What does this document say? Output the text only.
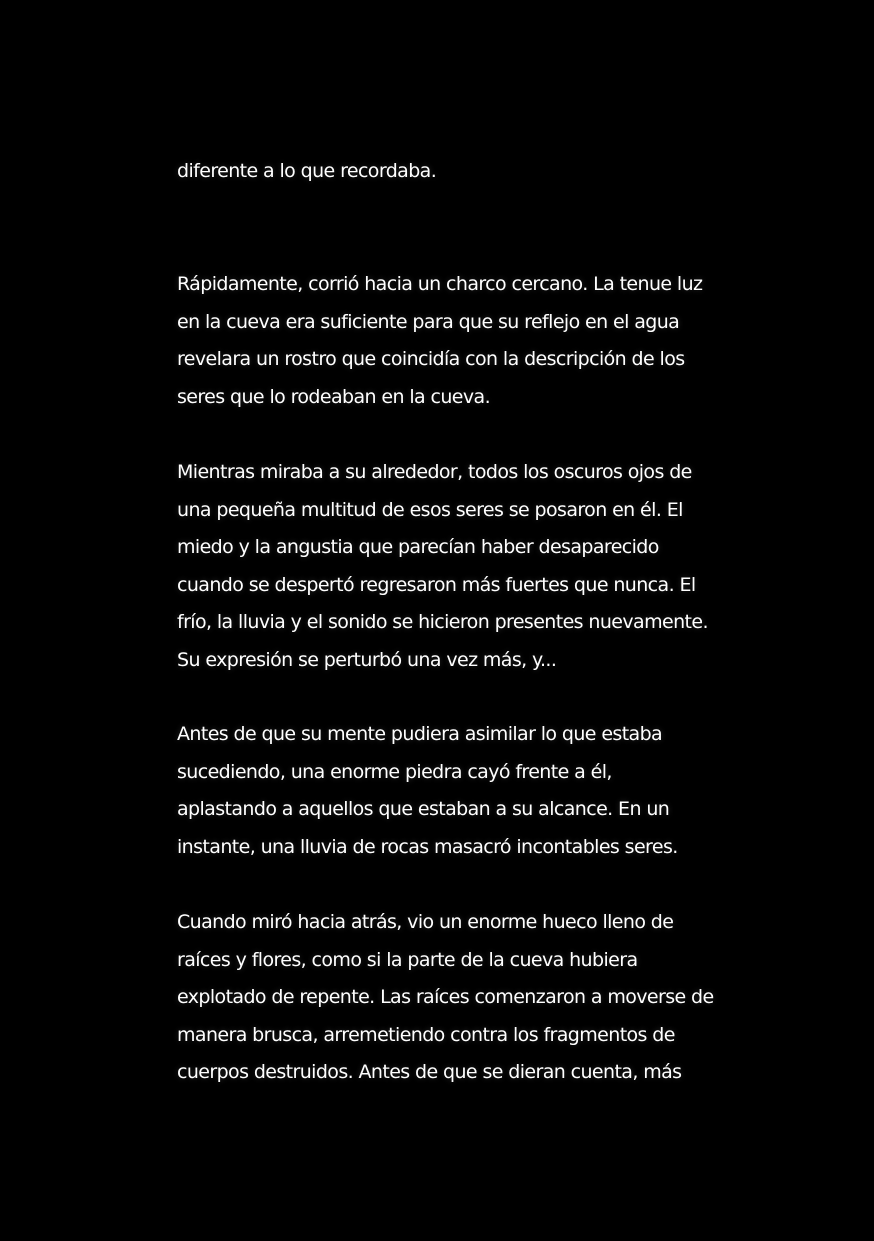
diferente a lo que recordaba.
Rápidamente, corrió hacia un charco cercano. La tenue luz
en la cueva era suficiente para que su reflejo en el agua
revelara un rostro que coincidía con la descripción de los
seres que lo rodeaban en la cueva.
Mientras miraba a su alrededor, todos los oscuros ojos de
una pequeña multitud de esos seres se posaron en él. El
miedo y la angustia que parecían haber desaparecido
cuando se despertó regresaron más fuertes que nunca. El
frío, la lluvia y el sonido se hicieron presentes nuevamente.
Su expresión se perturbó una vez más, y...
Antes de que su mente pudiera asimilar lo que estaba
sucediendo, una enorme piedra cayó frente a él,
aplastando a aquellos que estaban a su alcance. En un
instante, una lluvia de rocas masacró incontables seres.
Cuando miró hacia atrás, vio un enorme hueco lleno de
raíces y flores, como si la parte de la cueva hubiera
explotado de repente. Las raíces comenzaron a moverse de
manera brusca, arremetiendo contra los fragmentos de
cuerpos destruidos. Antes de que se dieran cuenta, más
